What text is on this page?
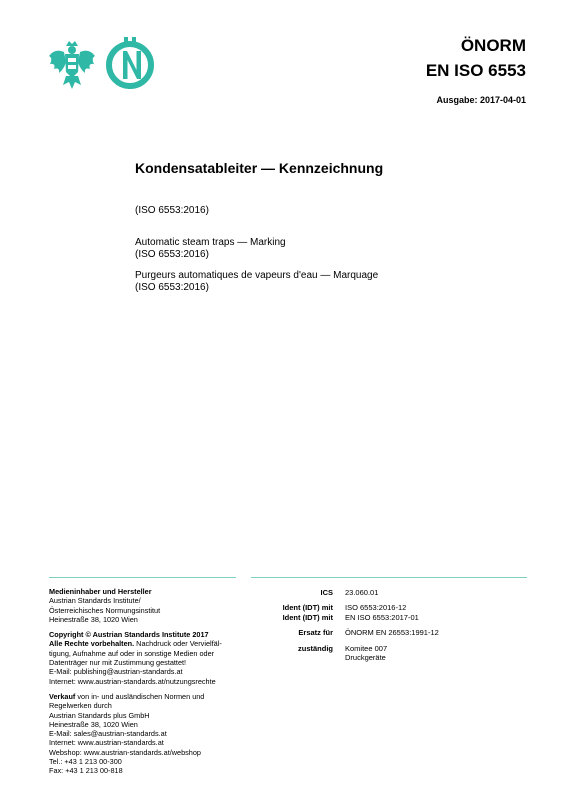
ÖNORM
EN ISO 6553
Ausgabe: 2017-04-01
Kondensatableiter — Kennzeichnung
(ISO 6553:2016)
Automatic steam traps — Marking
(ISO 6553:2016)
Purgeurs automatiques de vapeurs d'eau — Marquage
(ISO 6553:2016)

Medieninhaber und Hersteller
Austrian Standards Institute/
Österreichisches Normungsinstitut
Heinestraße 38, 1020 Wien

Copyright © Austrian Standards Institute 2017
Alle Rechte vorbehalten. Nachdruck oder Vervielfäl-
tigung, Aufnahme auf oder in sonstige Medien oder
Datenträger nur mit Zustimmung gestattet!
E-Mail: publishing@austrian-standards.at
Internet: www.austrian-standards.at/nutzungsrechte

Verkauf von in- und ausländischen Normen und
Regelwerken durch
Austrian Standards plus GmbH
Heinestraße 38, 1020 Wien
E-Mail: sales@austrian-standards.at
Internet: www.austrian-standards.at
Webshop: www.austrian-standards.at/webshop
Tel.: +43 1 213 00-300
Fax: +43 1 213 00-818

ICS 23.060.01
Ident (IDT) mit
Ident (IDT) mit
ISO 6553:2016-12
EN ISO 6553:2017-01
Ersatz für ÖNORM EN 26553:1991-12
zuständig Komitee 007
Druckgeräte
